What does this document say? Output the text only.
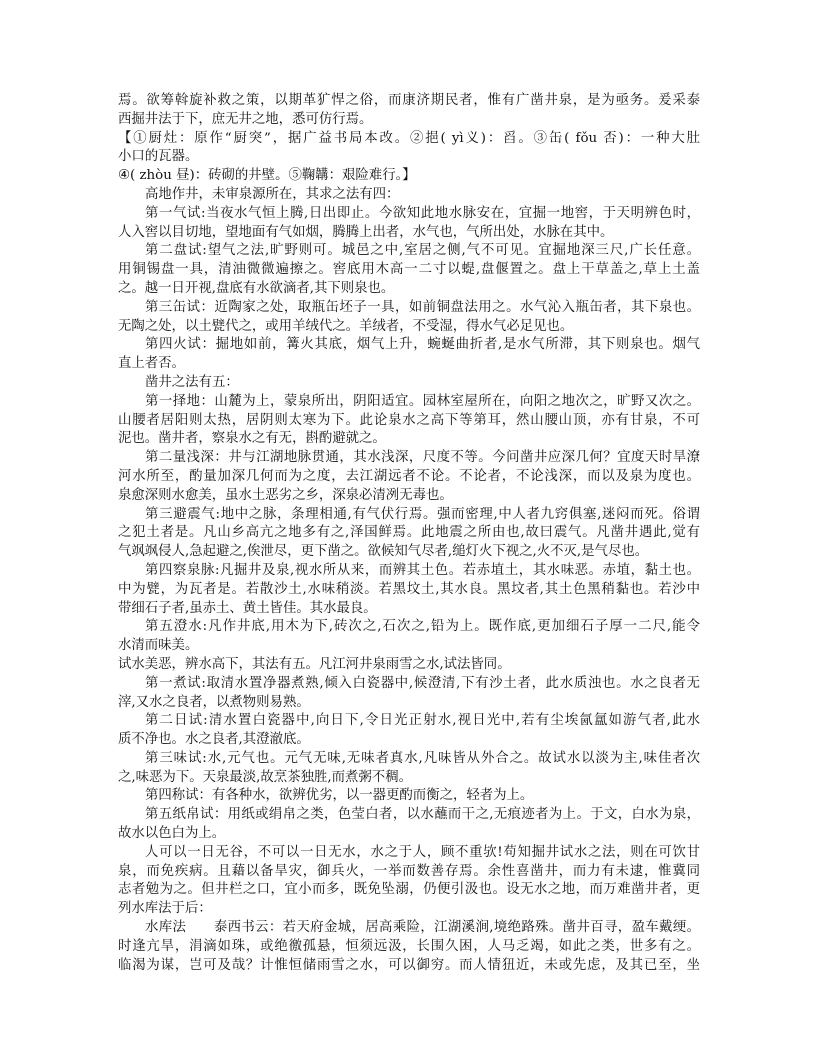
焉。欲筹斡旋补救之策，以期革犷悍之俗，而康济期民者，惟有广凿井泉，是为亟务。爰采泰
西掘井法于下，庶无井之地，悉可仿行焉。
【①厨灶：原作“厨突”，据广益书局本改。②挹( yì义)：舀。③缶( fǒu 否)：一种大肚
小口的瓦器。
④( zhòu 昼)：砖砌的井壁。⑤鞠韝：艰险难行。】
高地作井，未审泉源所在，其求之法有四：
第一气试:当夜水气恒上腾,日出即止。今欲知此地水脉安在，宜掘一地窖，于天明辨色时，
人入窖以目切地，望地面有气如烟，腾腾上出者，水气也，气所出处，水脉在其中。
第二盘试:望气之法,旷野则可。城邑之中,室居之侧,气不可见。宜掘地深三尺,广长任意。
用铜锡盘一具，清油微微遍擦之。窖底用木高一二寸以蝭,盘偃置之。盘上干草盖之,草上土盖
之。越一日开视,盘底有水欲滴者,其下则泉也。
第三缶试：近陶家之处，取瓶缶坯子一具，如前铜盘法用之。水气沁入瓶缶者，其下泉也。
无陶之处，以土甓代之，或用羊绒代之。羊绒者，不受湿，得水气必足见也。
第四火试：掘地如前，篝火其底，烟气上升，蜿蜒曲折者,是水气所滞，其下则泉也。烟气
直上者否。
凿井之法有五：
第一择地：山麓为上，蒙泉所出，阴阳适宜。园林室屋所在，向阳之地次之，旷野又次之。
山腰者居阳则太热，居阴则太寒为下。此论泉水之高下等第耳，然山腰山顶，亦有甘泉，不可
泥也。凿井者，察泉水之有无，斟酌避就之。
第二量浅深：井与江湖地脉贯通，其水浅深，尺度不等。今问凿井应深几何？宜度天时旱潦
河水所至，酌量加深几何而为之度，去江湖远者不论。不论者，不论浅深，而以及泉为度也。
泉愈深则水愈美，虽水土恶劣之乡，深泉必清冽无毒也。
第三避震气:地中之脉，条理相通,有气伏行焉。强而密理,中人者九窍俱塞,迷闷而死。俗谓
之犯土者是。凡山乡高亢之地多有之,泽国鲜焉。此地震之所由也,故曰震气。凡凿井遇此,觉有
气飒飒侵人,急起避之,俟泄尽，更下凿之。欲候知气尽者,缒灯火下视之,火不灭,是气尽也。
第四察泉脉:凡掘井及泉,视水所从来，而辨其土色。若赤埴土，其水味恶。赤埴，黏土也。
中为甓，为瓦者是。若散沙土,水味稍淡。若黑坟土,其水良。黑坟者,其土色黑稍黏也。若沙中
带细石子者,虽赤土、黄土皆佳。其水最良。
第五澄水:凡作井底,用木为下,砖次之,石次之,铅为上。既作底,更加细石子厚一二尺,能令
水清而味美。
试水美恶，辨水高下，其法有五。凡江河井泉雨雪之水,试法皆同。
第一煮试:取清水置净器煮熟,倾入白瓷器中,候澄清,下有沙土者，此水质浊也。水之良者无
滓,又水之良者，以煮物则易熟。
第二日试:清水置白瓷器中,向日下,令日光正射水,视日光中,若有尘埃氤氲如游气者,此水
质不净也。水之良者,其澄澈底。
第三味试:水,元气也。元气无味,无味者真水,凡味皆从外合之。故试水以淡为主,味佳者次
之,味恶为下。天泉最淡,故烹茶独胜,而煮粥不稠。
第四称试：有各种水，欲辨优劣，以一器更酌而衡之，轻者为上。
第五纸帛试：用纸或绢帛之类，色莹白者，以水蘸而干之,无痕迹者为上。于文，白水为泉，
故水以色白为上。
人可以一日无谷，不可以一日无水，水之于人，顾不重欤!苟知掘井试水之法，则在可饮甘
泉，而免疾病。且藉以备旱灾，御兵火，一举而数善存焉。余性喜凿井，而力有未逮，惟冀同
志者勉为之。但井栏之口，宜小而多，既免坠溺，仍便引汲也。设无水之地，而万难凿井者，更
列水库法于后：
水库法　　泰西书云：若天府金城，居高乘险，江湖溪涧,境绝路殊。凿井百寻，盈车戴绠。
时逢亢旱，涓滴如珠，或绝徼孤悬，恒须远汲，长围久困，人马乏竭，如此之类，世多有之。
临渴为谋，岂可及哉？计惟恒储雨雪之水，可以御穷。而人情狃近，未或先虑，及其已至，坐
